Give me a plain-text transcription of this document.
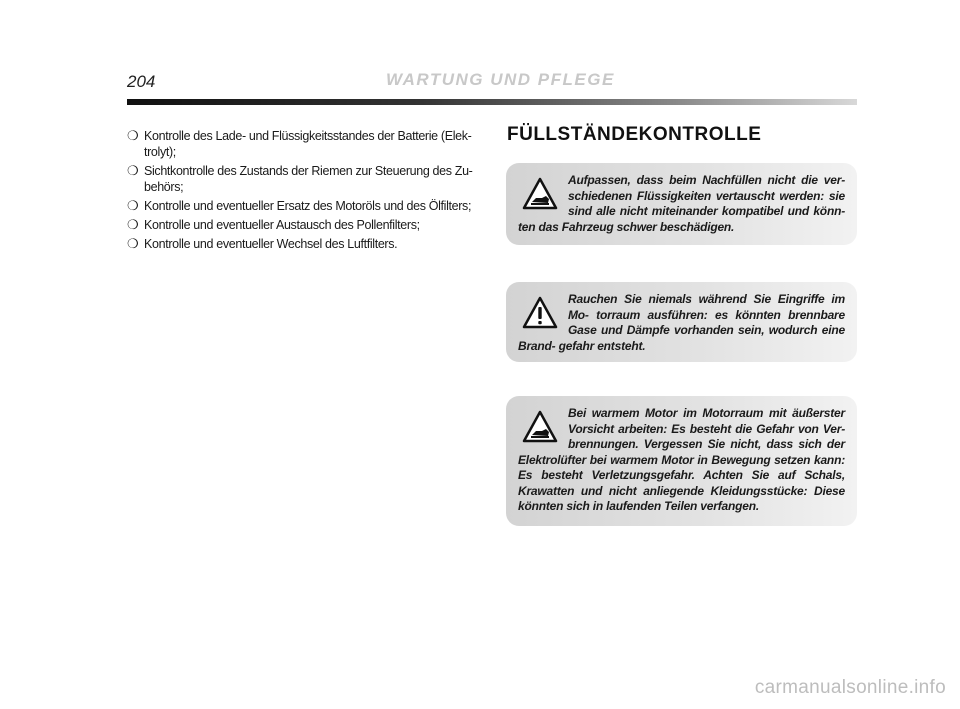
204	WARTUNG UND PFLEGE
❍ Kontrolle des Lade- und Flüssigkeitsstandes der Batterie (Elek- trolyt);
❍ Sichtkontrolle des Zustands der Riemen zur Steuerung des Zu- behörs;
❍ Kontrolle und eventueller Ersatz des Motoröls und des Ölfilters;
❍ Kontrolle und eventueller Austausch des Pollenfilters;
❍ Kontrolle und eventueller Wechsel des Luftfilters.
FÜLLSTÄNDEKONTROLLE
Aufpassen, dass beim Nachfüllen nicht die ver- schiedenen Flüssigkeiten vertauscht werden: sie sind alle nicht miteinander kompatibel und könn- ten das Fahrzeug schwer beschädigen.
Rauchen Sie niemals während Sie Eingriffe im Mo- torraum ausführen: es könnten brennbare Gase und Dämpfe vorhanden sein, wodurch eine Brand- gefahr entsteht.
Bei warmem Motor im Motorraum mit äußerster Vorsicht arbeiten: Es besteht die Gefahr von Ver- brennungen. Vergessen Sie nicht, dass sich der Elektrolüfter bei warmem Motor in Bewegung setzen kann: Es besteht Verletzungsgefahr. Achten Sie auf Schals, Krawatten und nicht anliegende Kleidungsstücke: Diese könnten sich in laufenden Teilen verfangen.
carmanualsonline.info
